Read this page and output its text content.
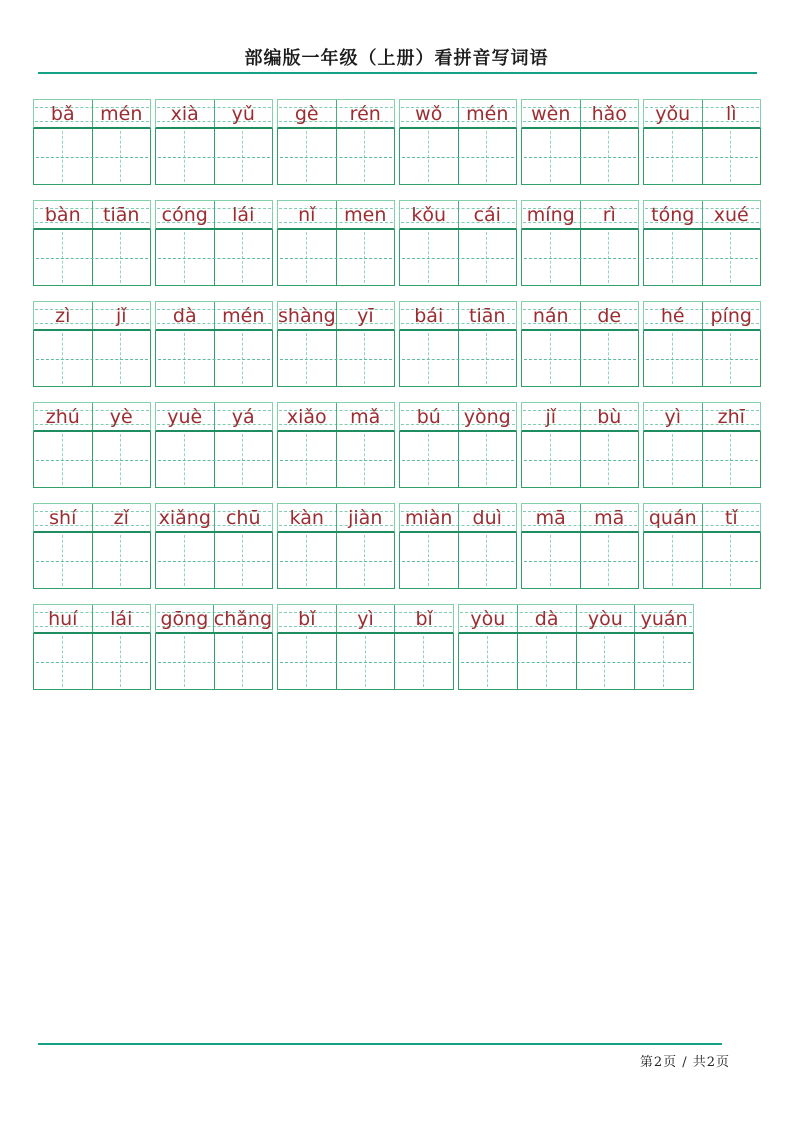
部编版一年级（上册）看拼音写词语
bǎ	mén	xià	yǔ	gè	rén	wǒ	mén	wèn	hǎo	yǒu	lì
bàn	tiān	cóng	lái	nǐ	men	kǒu	cái	míng	rì	tóng	xué
zì	jǐ	dà	mén shàng	yī	bái	tiān	nán	de	hé	píng
zhú	yè	yuè	yá	xiǎo	mǎ	bú	yòng	jǐ	bù	yì	zhī
shí	zǐ	xiǎng chū	kàn	jiàn	miàn	duì	mā	mā	quán	tǐ
huí	lái	gōng chǎng	bǐ	yì	bǐ	yòu	dà	yòu yuán
第2页 / 共2页
